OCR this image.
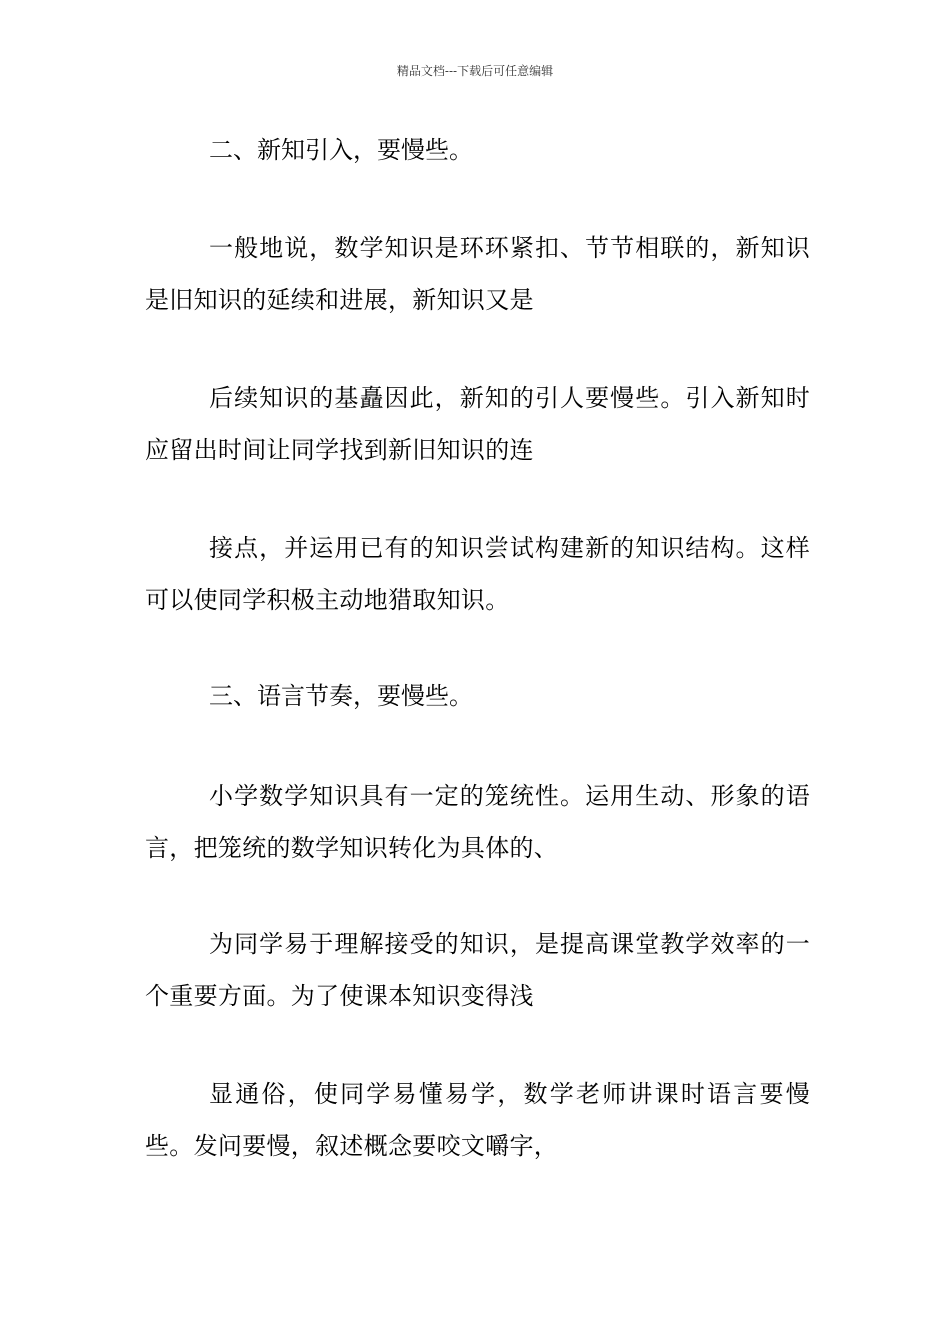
精品文档---下载后可任意编辑

二、新知引入，要慢些。

一般地说，数学知识是环环紧扣、节节相联的，新知识是旧知识的延续和进展，新知识又是

后续知识的基矗因此，新知的引人要慢些。引入新知时应留出时间让同学找到新旧知识的连

接点，并运用已有的知识尝试构建新的知识结构。这样可以使同学积极主动地猎取知识。

三、语言节奏，要慢些。

小学数学知识具有一定的笼统性。运用生动、形象的语言，把笼统的数学知识转化为具体的、

为同学易于理解接受的知识，是提高课堂教学效率的一个重要方面。为了使课本知识变得浅

显通俗，使同学易懂易学，数学老师讲课时语言要慢些。发问要慢，叙述概念要咬文嚼字，
